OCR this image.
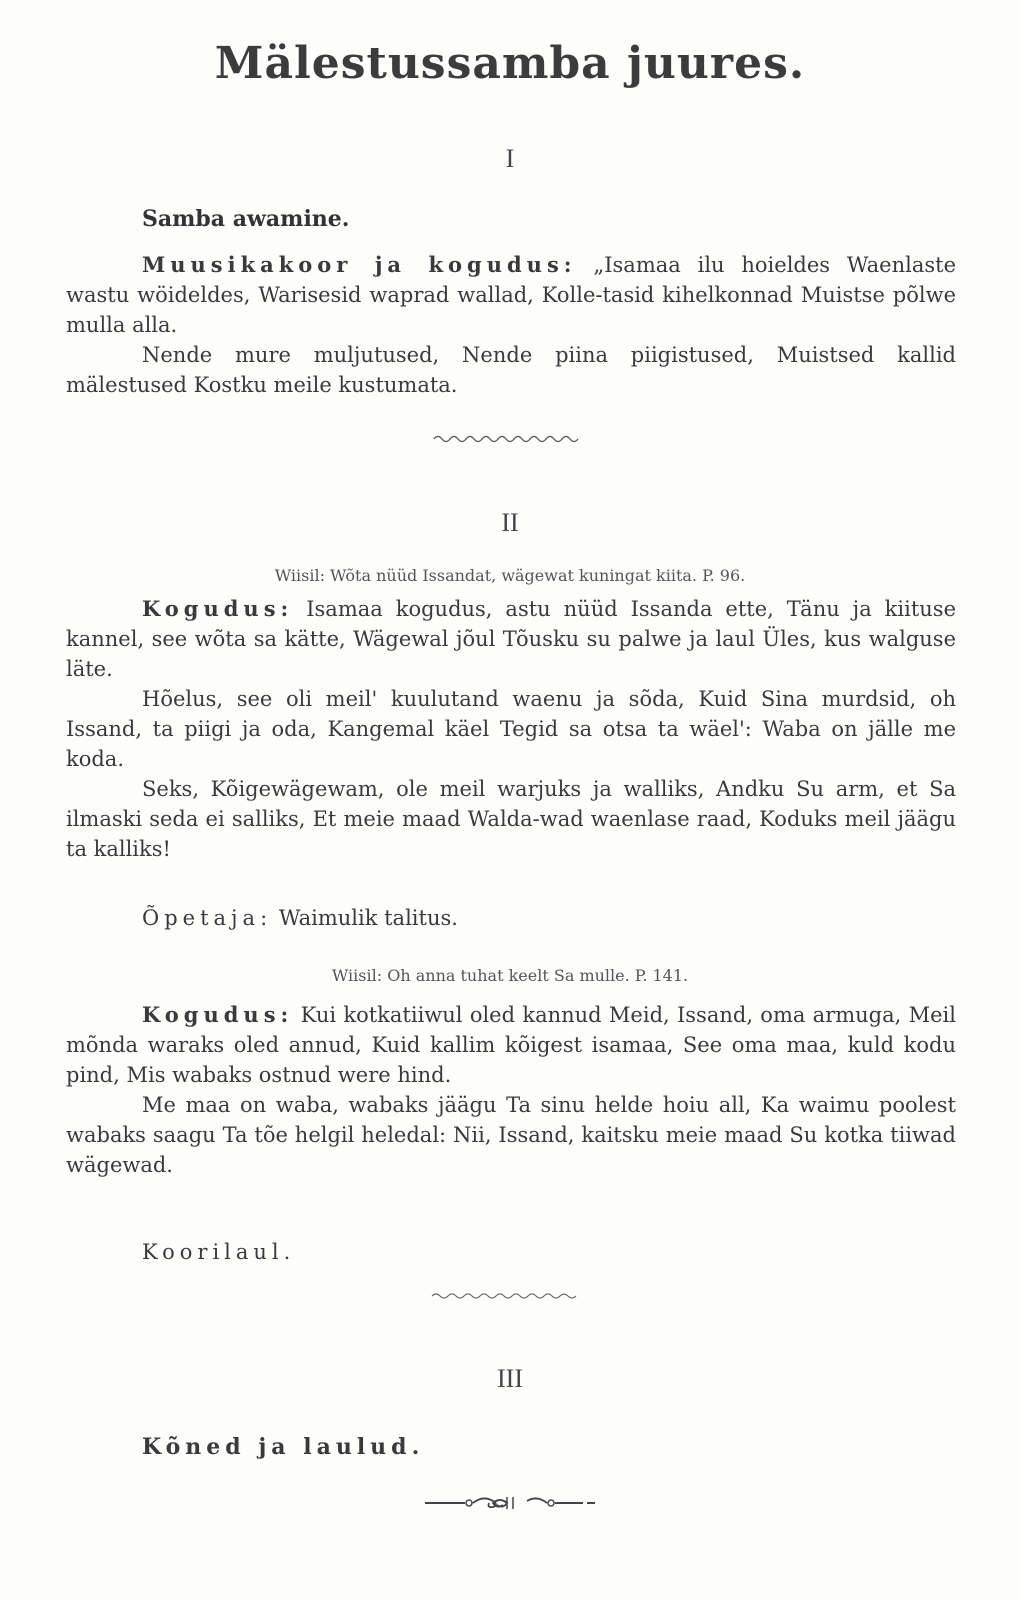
Mälestussamba juures.
I
Samba awamine.

Muusikakoor ja kogudus: „Isamaa ilu hoieldes Waenlaste wastu wöideldes, Warisesid waprad wallad, Kolle-tasid kihelkonnad Muistse põlwe mulla alla.

Nende mure muljutused, Nende piina piigistused, Muistsed kallid mälestused Kostku meile kustumata.

II
Wiisil: Wõta nüüd Issandat, wägewat kuningat kiita. P. 96.

Kogudus: Isamaa kogudus, astu nüüd Issanda ette, Tänu ja kiituse kannel, see wõta sa kätte, Wägewal jõul Tõusku su palwe ja laul Üles, kus walguse läte.

Hõelus, see oli meil' kuulutand waenu ja sõda, Kuid Sina murdsid, oh Issand, ta piigi ja oda, Kangemal käel Tegid sa otsa ta wäel': Waba on jälle me koda.

Seks, Kõigewägewam, ole meil warjuks ja walliks, Andku Su arm, et Sa ilmaski seda ei salliks, Et meie maad Walda-wad waenlase raad, Koduks meil jäägu ta kalliks!

Õpetaja: Waimulik talitus.
Wiisil: Oh anna tuhat keelt Sa mulle. P. 141.

Kogudus: Kui kotkatiiwul oled kannud Meid, Issand, oma armuga, Meil mõnda waraks oled annud, Kuid kallim kõigest isamaa, See oma maa, kuld kodu pind, Mis wabaks ostnud were hind.

Me maa on waba, wabaks jäägu Ta sinu helde hoiu all, Ka waimu poolest wabaks saagu Ta tõe helgil heledal: Nii, Issand, kaitsku meie maad Su kotka tiiwad wägewad.

Koorilaul.
III
Kõned ja laulud.
